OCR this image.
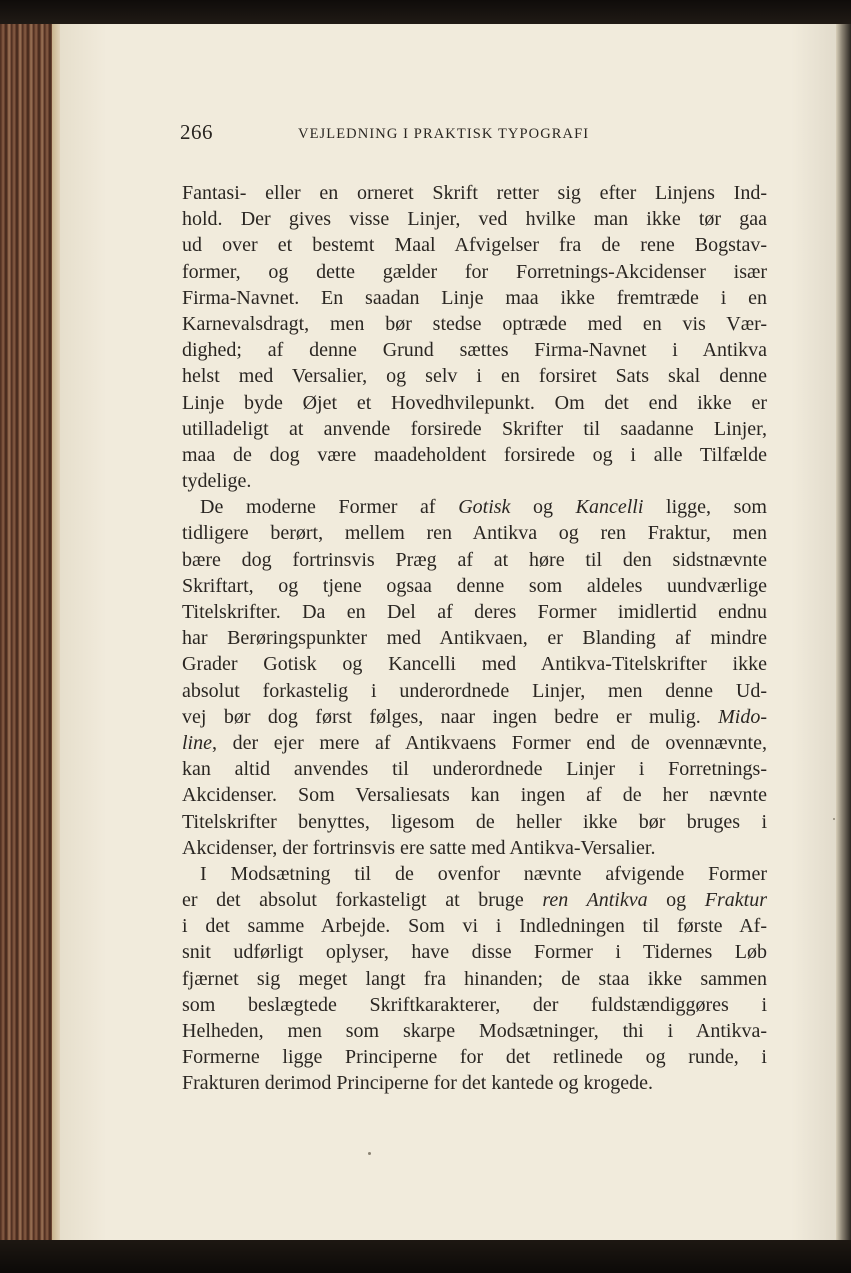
266	VEJLEDNING I PRAKTISK TYPOGRAFI
Fantasi- eller en orneret Skrift retter sig efter Linjens Ind-
hold. Der gives visse Linjer, ved hvilke man ikke tør gaa
ud over et bestemt Maal Afvigelser fra de rene Bogstav-
former, og dette gælder for Forretnings-Akcidenser især
Firma-Navnet. En saadan Linje maa ikke fremtræde i en
Karnevalsdragt, men bør stedse optræde med en vis Vær-
dighed; af denne Grund sættes Firma-Navnet i Antikva
helst med Versalier, og selv i en forsiret Sats skal denne
Linje byde Øjet et Hovedhvilepunkt. Om det end ikke er
utilladeligt at anvende forsirede Skrifter til saadanne Linjer,
maa de dog være maadeholdent forsirede og i alle Tilfælde
tydelige.
De moderne Former af Gotisk og Kancelli ligge, som
tidligere berørt, mellem ren Antikva og ren Fraktur, men
bære dog fortrinsvis Præg af at høre til den sidstnævnte
Skriftart, og tjene ogsaa denne som aldeles uundværlige
Titelskrifter. Da en Del af deres Former imidlertid endnu
har Berøringspunkter med Antikvaen, er Blanding af mindre
Grader Gotisk og Kancelli med Antikva-Titelskrifter ikke
absolut forkastelig i underordnede Linjer, men denne Ud-
vej bør dog først følges, naar ingen bedre er mulig. Mido-
line, der ejer mere af Antikvaens Former end de ovennævnte,
kan altid anvendes til underordnede Linjer i Forretnings-
Akcidenser. Som Versaliesats kan ingen af de her nævnte
Titelskrifter benyttes, ligesom de heller ikke bør bruges i
Akcidenser, der fortrinsvis ere satte med Antikva-Versalier.
I Modsætning til de ovenfor nævnte afvigende Former
er det absolut forkasteligt at bruge ren Antikva og Fraktur
i det samme Arbejde. Som vi i Indledningen til første Af-
snit udførligt oplyser, have disse Former i Tidernes Løb
fjærnet sig meget langt fra hinanden; de staa ikke sammen
som beslægtede Skriftkarakterer, der fuldstændiggøres i
Helheden, men som skarpe Modsætninger, thi i Antikva-
Formerne ligge Principerne for det retlinede og runde, i
Frakturen derimod Principerne for det kantede og krogede.
